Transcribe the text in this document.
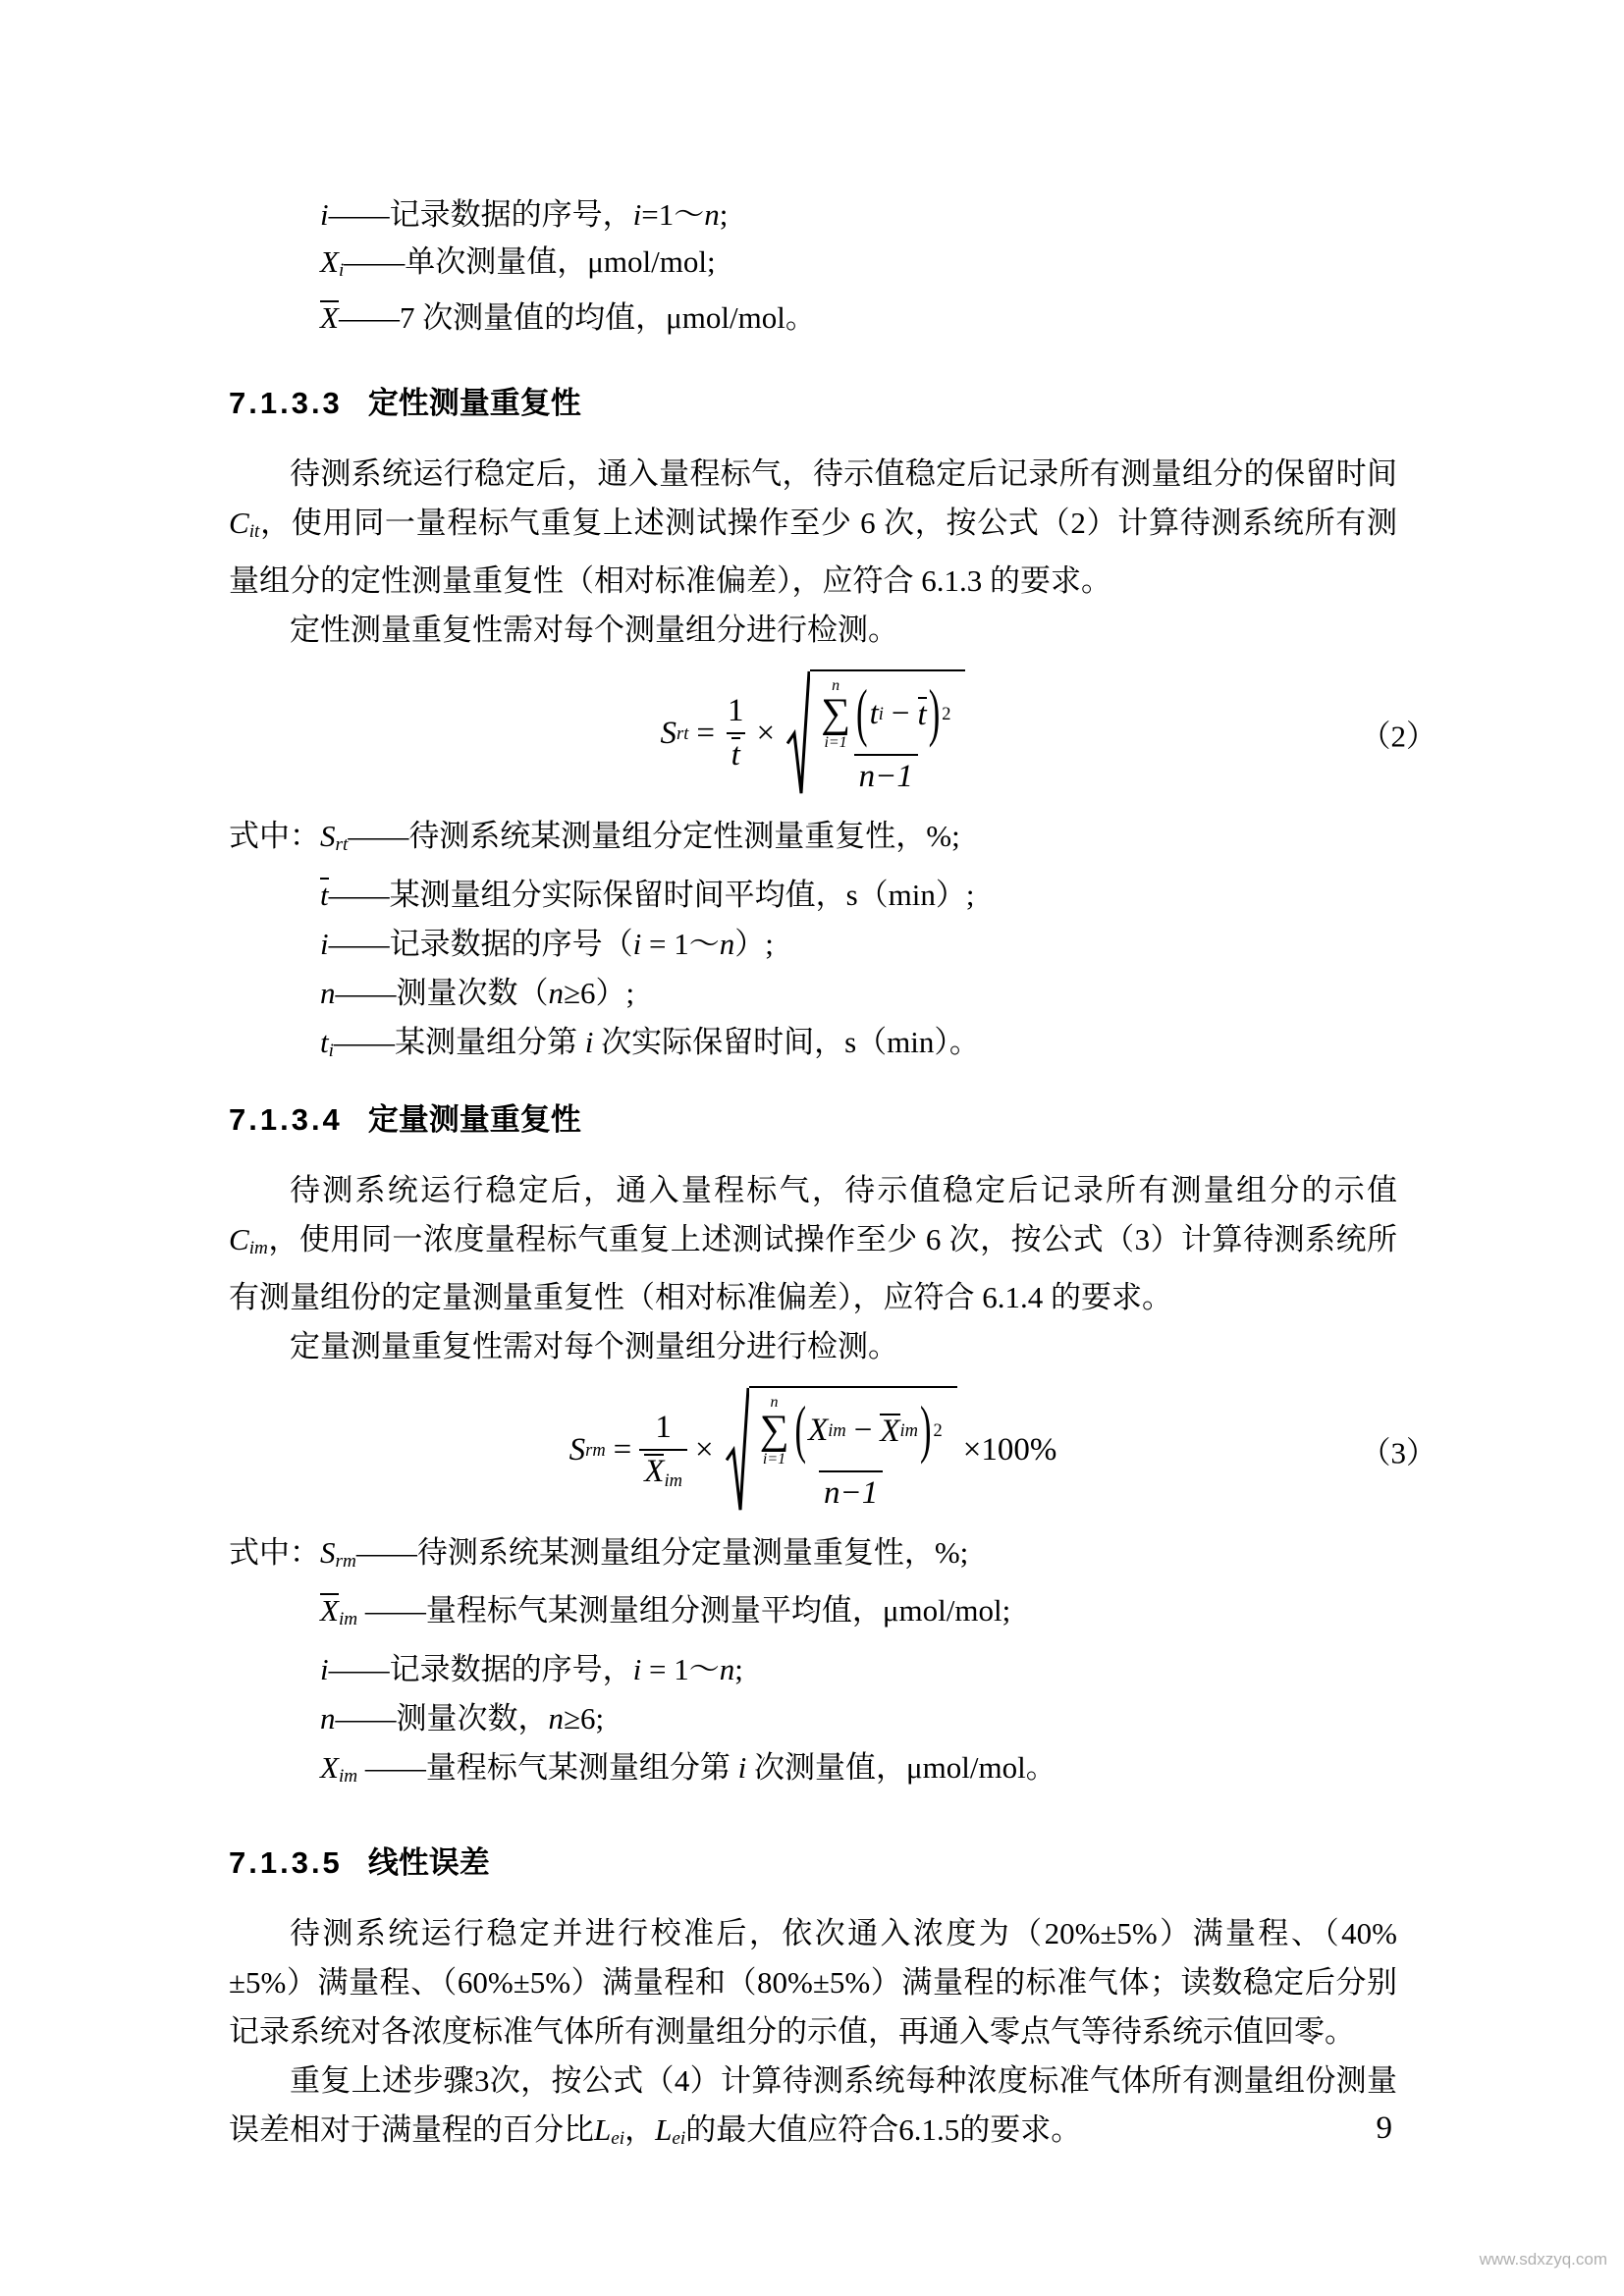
i——记录数据的序号，i=1～n;
Xi——单次测量值，μmol/mol;
X——7 次测量值的均值，μmol/mol。
7.1.3.3 定性测量重复性

待测系统运行稳定后，通入量程标气，待示值稳定后记录所有测量组分的保留时间 Cit，使用同一量程标气重复上述测试操作至少 6 次，按公式（2）计算待测系统所有测量组分的定性测量重复性（相对标准偏差），应符合 6.1.3 的要求。

定性测量重复性需对每个测量组分进行检测。

S rt = $\frac{1}{t}$ ×
n
∑
i=1 ( t i − t ) 2
n−1
（2）
式中：Srt——待测系统某测量组分定性测量重复性，%;
t——某测量组分实际保留时间平均值，s（min）;
i——记录数据的序号（i = 1～n）;
n——测量次数（n≥6）;
ti——某测量组分第 i 次实际保留时间，s（min）。
7.1.3.4 定量测量重复性

待测系统运行稳定后，通入量程标气，待示值稳定后记录所有测量组分的示值 Cim，使用同一浓度量程标气重复上述测试操作至少 6 次，按公式（3）计算待测系统所有测量组份的定量测量重复性（相对标准偏差），应符合 6.1.4 的要求。

定量测量重复性需对每个测量组分进行检测。

S rm = $\frac{1}{\text{Xim}}$ ×
n
∑
i=1 ( X im − X im ) 2
n−1
×100%	（3）
式中：Srm——待测系统某测量组分定量测量重复性，%;
Xim ——量程标气某测量组分测量平均值，μmol/mol;
i——记录数据的序号，i = 1～n;
n——测量次数，n≥6;
Xim ——量程标气某测量组分第 i 次测量值，μmol/mol。
7.1.3.5 线性误差

待测系统运行稳定并进行校准后，依次通入浓度为（20%±5%）满量程、（40%±5%）满量程、（60%±5%）满量程和（80%±5%）满量程的标准气体；读数稳定后分别记录系统对各浓度标准气体所有测量组分的示值，再通入零点气等待系统示值回零。

重复上述步骤3次，按公式（4）计算待测系统每种浓度标准气体所有测量组份测量误差相对于满量程的百分比Lei，Lei的最大值应符合6.1.5的要求。	9
www.sdxzyq.com
